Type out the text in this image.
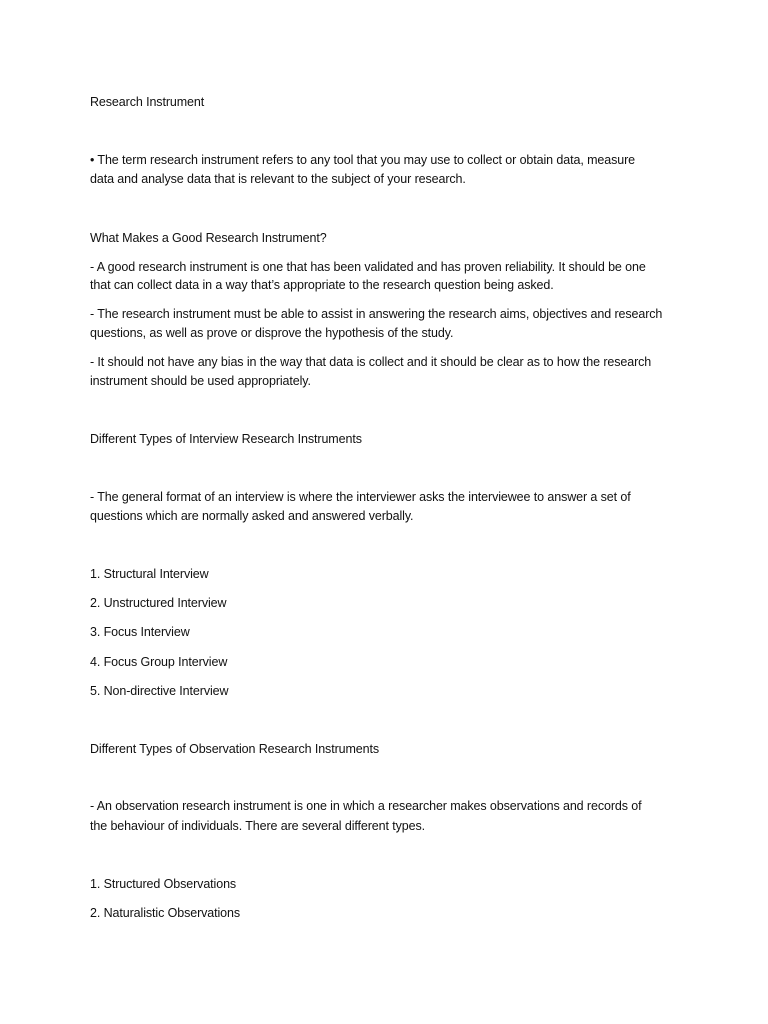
Research Instrument
• The term research instrument refers to any tool that you may use to collect or obtain data, measure
data and analyse data that is relevant to the subject of your research.
What Makes a Good Research Instrument?
- A good research instrument is one that has been validated and has proven reliability. It should be one
that can collect data in a way that’s appropriate to the research question being asked.
- The research instrument must be able to assist in answering the research aims, objectives and research
questions, as well as prove or disprove the hypothesis of the study.
- It should not have any bias in the way that data is collect and it should be clear as to how the research
instrument should be used appropriately.
Different Types of Interview Research Instruments
- The general format of an interview is where the interviewer asks the interviewee to answer a set of
questions which are normally asked and answered verbally.
1. Structural Interview
2. Unstructured Interview
3. Focus Interview
4. Focus Group Interview
5. Non-directive Interview
Different Types of Observation Research Instruments
- An observation research instrument is one in which a researcher makes observations and records of
the behaviour of individuals. There are several different types.
1. Structured Observations
2. Naturalistic Observations
